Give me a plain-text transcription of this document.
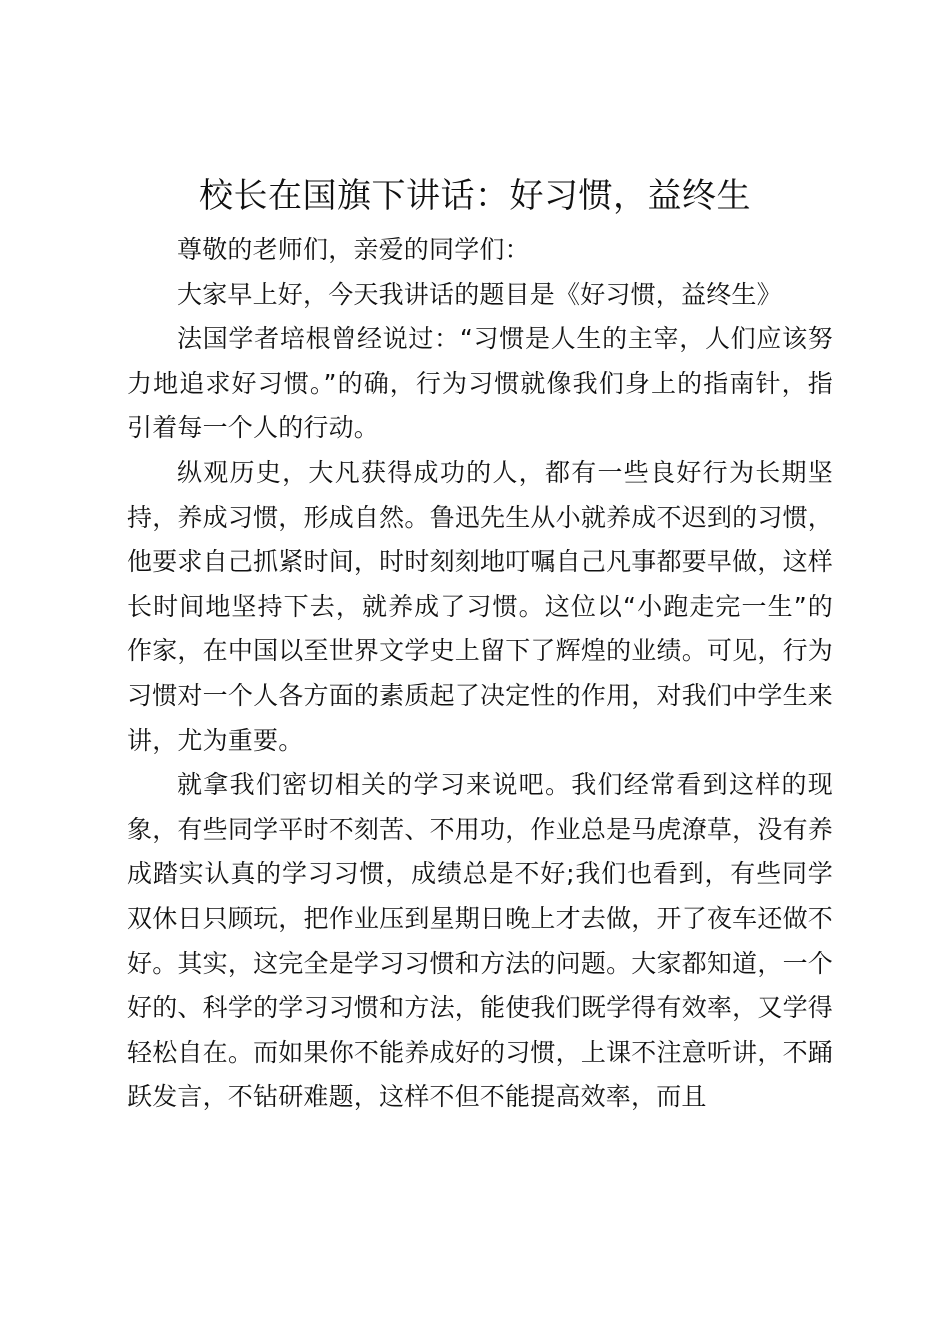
校长在国旗下讲话：好习惯，益终生

尊敬的老师们，亲爱的同学们：

大家早上好，今天我讲话的题目是《好习惯，益终生》

法国学者培根曾经说过：“习惯是人生的主宰，人们应该努力地追求好习惯。”的确，行为习惯就像我们身上的指南针，指引着每一个人的行动。

纵观历史，大凡获得成功的人，都有一些良好行为长期坚持，养成习惯，形成自然。鲁迅先生从小就养成不迟到的习惯，他要求自己抓紧时间，时时刻刻地叮嘱自己凡事都要早做，这样长时间地坚持下去，就养成了习惯。这位以“小跑走完一生”的作家，在中国以至世界文学史上留下了辉煌的业绩。可见，行为习惯对一个人各方面的素质起了决定性的作用，对我们中学生来讲，尤为重要。

就拿我们密切相关的学习来说吧。我们经常看到这样的现象，有些同学平时不刻苦、不用功，作业总是马虎潦草，没有养成踏实认真的学习习惯，成绩总是不好;我们也看到，有些同学双休日只顾玩，把作业压到星期日晚上才去做，开了夜车还做不好。其实，这完全是学习习惯和方法的问题。大家都知道，一个好的、科学的学习习惯和方法，能使我们既学得有效率，又学得轻松自在。而如果你不能养成好的习惯，上课不注意听讲，不踊跃发言，不钻研难题，这样不但不能提高效率，而且
